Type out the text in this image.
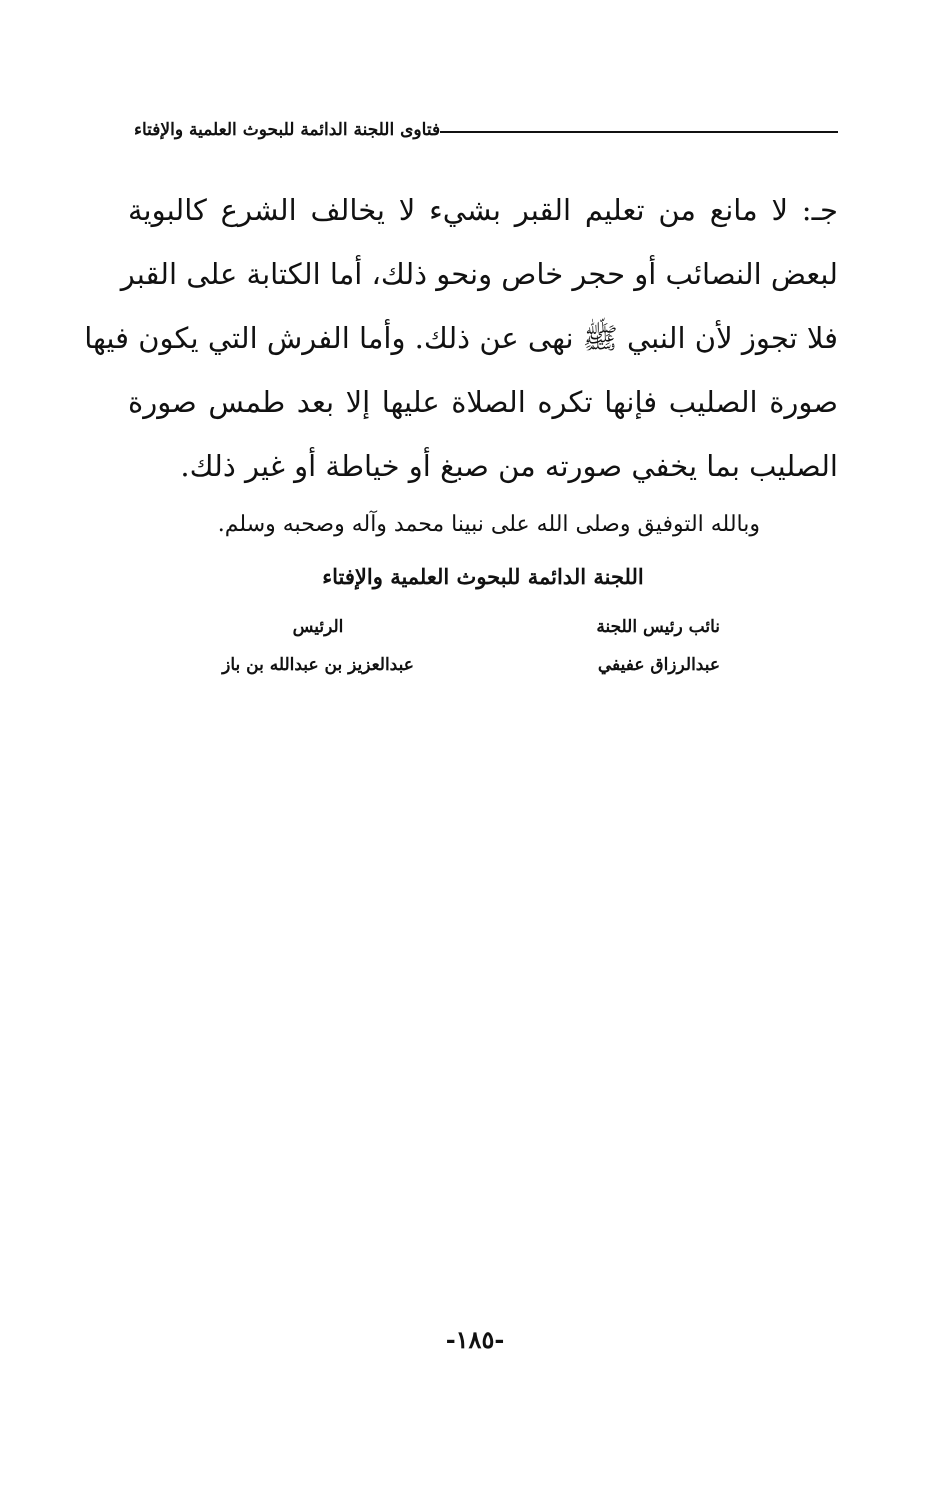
فتاوى اللجنة الدائمة للبحوث العلمية والإفتاء

جـ: لا مانع من تعليم القبر بشيء لا يخالف الشرع كالبوية

لبعض النصائب أو حجر خاص ونحو ذلك، أما الكتابة على القبر

فلا تجوز لأن النبي ﷺ نهى عن ذلك. وأما الفرش التي يكون فيها

صورة الصليب فإنها تكره الصلاة عليها إلا بعد طمس صورة

الصليب بما يخفي صورته من صبغ أو خياطة أو غير ذلك.

وبالله التوفيق وصلى الله على نبينا محمد وآله وصحبه وسلم.
اللجنة الدائمة للبحوث العلمية والإفتاء
نائب رئيس اللجنة
عبدالرزاق عفيفي
الرئيس
عبدالعزيز بن عبدالله بن باز
-١٨٥-
